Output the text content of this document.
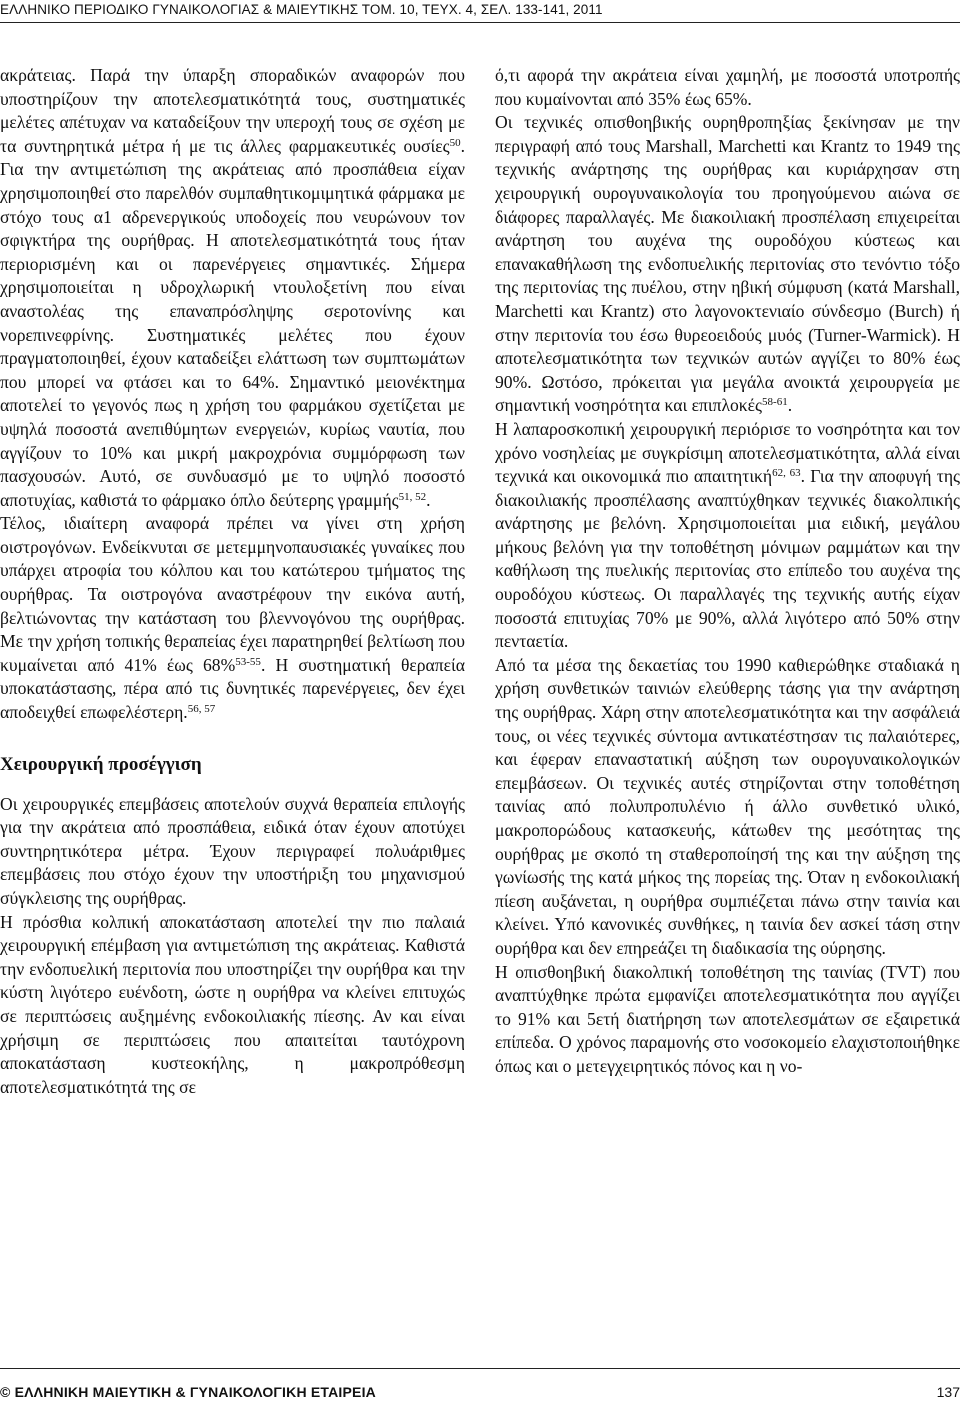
ΕΛΛΗΝΙΚΟ ΠΕΡΙΟΔΙΚΟ ΓΥΝΑΙΚΟΛΟΓΙΑΣ & ΜΑΙΕΥΤΙΚΗΣ ΤΟΜ. 10, ΤΕΥΧ. 4, ΣΕΛ. 133-141, 2011

ακράτειας. Παρά την ύπαρξη σποραδικών αναφορών που υποστηρίζουν την αποτελεσματικότητά τους, συστηματικές μελέτες απέτυχαν να καταδείξουν την υπεροχή τους σε σχέση με τα συντηρητικά μέτρα ή με τις άλλες φαρμακευτικές ουσίες$^{50}$. Για την αντιμετώπιση της ακράτειας από προσπάθεια είχαν χρησιμοποιηθεί στο παρελθόν συμπαθητικομιμητικά φάρμακα με στόχο τους α1 αδρενεργικούς υποδοχείς που νευρώνουν τον σφιγκτήρα της ουρήθρας. Η αποτελεσματικότητά τους ήταν περιορισμένη και οι παρενέργειες σημαντικές. Σήμερα χρησιμοποιείται η υδροχλωρική ντουλοξετίνη που είναι αναστολέας της επαναπρόσληψης σεροτονίνης και νορεπινεφρίνης. Συστηματικές μελέτες που έχουν πραγματοποιηθεί, έχουν καταδείξει ελάττωση των συμπτωμάτων που μπορεί να φτάσει και το 64%. Σημαντικό μειονέκτημα αποτελεί το γεγονός πως η χρήση του φαρμάκου σχετίζεται με υψηλά ποσοστά ανεπιθύμητων ενεργειών, κυρίως ναυτία, που αγγίζουν το 10% και μικρή μακροχρόνια συμμόρφωση των πασχουσών. Αυτό, σε συνδυασμό με το υψηλό ποσοστό αποτυχίας, καθιστά το φάρμακο όπλο δεύτερης γραμμής$^{51, 52}$.

Τέλος, ιδιαίτερη αναφορά πρέπει να γίνει στη χρήση οιστρογόνων. Ενδείκνυται σε μετεμμηνοπαυσιακές γυναίκες που υπάρχει ατροφία του κόλπου και του κατώτερου τμήματος της ουρήθρας. Τα οιστρογόνα αναστρέφουν την εικόνα αυτή, βελτιώνοντας την κατάσταση του βλεννογόνου της ουρήθρας. Με την χρήση τοπικής θεραπείας έχει παρατηρηθεί βελτίωση που κυμαίνεται από 41% έως 68%$^{53-55}$. Η συστηματική θεραπεία υποκατάστασης, πέρα από τις δυνητικές παρενέργειες, δεν έχει αποδειχθεί επωφελέστερη.$^{56, 57}$

Χειρουργική προσέγγιση

Οι χειρουργικές επεμβάσεις αποτελούν συχνά θεραπεία επιλογής για την ακράτεια από προσπάθεια, ειδικά όταν έχουν αποτύχει συντηρητικότερα μέτρα. Έχουν περιγραφεί πολυάριθμες επεμβάσεις που στόχο έχουν την υποστήριξη του μηχανισμού σύγκλεισης της ουρήθρας.

Η πρόσθια κολπική αποκατάσταση αποτελεί την πιο παλαιά χειρουργική επέμβαση για αντιμετώπιση της ακράτειας. Καθιστά την ενδοπυελική περιτονία που υποστηρίζει την ουρήθρα και την κύστη λιγότερο ευένδοτη, ώστε η ουρήθρα να κλείνει επιτυχώς σε περιπτώσεις αυξημένης ενδοκοιλιακής πίεσης. Αν και είναι χρήσιμη σε περιπτώσεις που απαιτείται ταυτόχρονη αποκατάσταση κυστεοκήλης, η μακροπρόθεσμη αποτελεσματικότητά της σε

ό,τι αφορά την ακράτεια είναι χαμηλή, με ποσοστά υποτροπής που κυμαίνονται από 35% έως 65%.

Οι τεχνικές οπισθοηβικής ουρηθροπηξίας ξεκίνησαν με την περιγραφή από τους Marshall, Marchetti και Krantz το 1949 της τεχνικής ανάρτησης της ουρήθρας και κυριάρχησαν στη χειρουργική ουρογυναικολογία του προηγούμενου αιώνα σε διάφορες παραλλαγές. Με διακοιλιακή προσπέλαση επιχειρείται ανάρτηση του αυχένα της ουροδόχου κύστεως και επανακαθήλωση της ενδοπυελικής περιτονίας στο τενόντιο τόξο της περιτονίας της πυέλου, στην ηβική σύμφυση (κατά Marshall, Marchetti και Krantz) στο λαγονοκτενιαίο σύνδεσμο (Burch) ή στην περιτονία του έσω θυρεοειδούς μυός (Turner-Warmick). Η αποτελεσματικότητα των τεχνικών αυτών αγγίζει το 80% έως 90%. Ωστόσο, πρόκειται για μεγάλα ανοικτά χειρουργεία με σημαντική νοσηρότητα και επιπλοκές$^{58-61}$.

Η λαπαροσκοπική χειρουργική περιόρισε το νοσηρότητα και τον χρόνο νοσηλείας με συγκρίσιμη αποτελεσματικότητα, αλλά είναι τεχνικά και οικονομικά πιο απαιτητική$^{62, 63}$. Για την αποφυγή της διακοιλιακής προσπέλασης αναπτύχθηκαν τεχνικές διακολπικής ανάρτησης με βελόνη. Χρησιμοποιείται μια ειδική, μεγάλου μήκους βελόνη για την τοποθέτηση μόνιμων ραμμάτων και την καθήλωση της πυελικής περιτονίας στο επίπεδο του αυχένα της ουροδόχου κύστεως. Οι παραλλαγές της τεχνικής αυτής είχαν ποσοστά επιτυχίας 70% με 90%, αλλά λιγότερο από 50% στην πενταετία.

Από τα μέσα της δεκαετίας του 1990 καθιερώθηκε σταδιακά η χρήση συνθετικών ταινιών ελεύθερης τάσης για την ανάρτηση της ουρήθρας. Χάρη στην αποτελεσματικότητα και την ασφάλειά τους, οι νέες τεχνικές σύντομα αντικατέστησαν τις παλαιότερες, και έφεραν επαναστατική αύξηση των ουρογυναικολογικών επεμβάσεων. Οι τεχνικές αυτές στηρίζονται στην τοποθέτηση ταινίας από πολυπροπυλένιο ή άλλο συνθετικό υλικό, μακροπορώδους κατασκευής, κάτωθεν της μεσότητας της ουρήθρας με σκοπό τη σταθεροποίησή της και την αύξηση της γωνίωσής της κατά μήκος της πορείας της. Όταν η ενδοκοιλιακή πίεση αυξάνεται, η ουρήθρα συμπιέζεται πάνω στην ταινία και κλείνει. Υπό κανονικές συνθήκες, η ταινία δεν ασκεί τάση στην ουρήθρα και δεν επηρεάζει τη διαδικασία της ούρησης.

Η οπισθοηβική διακολπική τοποθέτηση της ταινίας (TVT) που αναπτύχθηκε πρώτα εμφανίζει αποτελεσματικότητα που αγγίζει το 91% και 5ετή διατήρηση των αποτελεσμάτων σε εξαιρετικά επίπεδα. Ο χρόνος παραμονής στο νοσοκομείο ελαχιστοποιήθηκε όπως και ο μετεγχειρητικός πόνος και η νο-

© ΕΛΛΗΝΙΚΗ ΜΑΙΕΥΤΙΚΗ & ΓΥΝΑΙΚΟΛΟΓΙΚΗ ΕΤΑΙΡΕΙΑ	137
